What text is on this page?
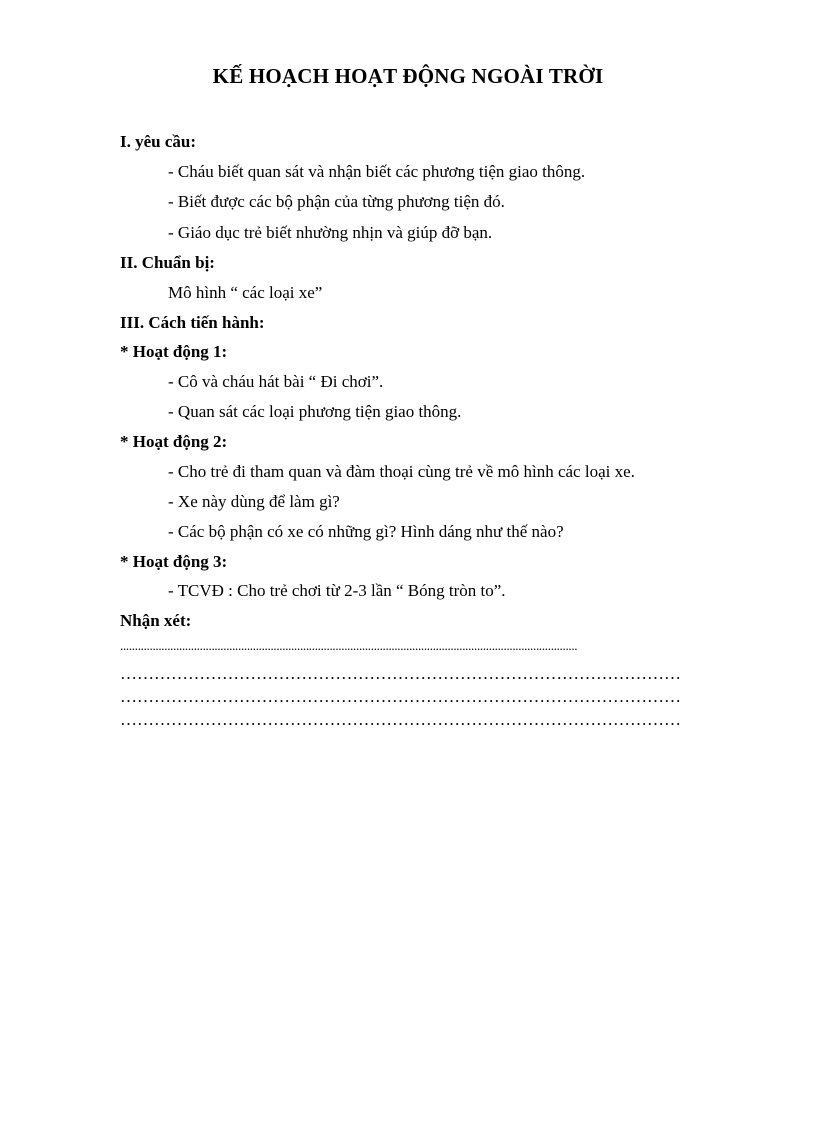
KẾ HOẠCH HOẠT ĐỘNG NGOÀI TRỜI
I. yêu cầu:
- Cháu biết quan sát và nhận biết các phương tiện giao thông.
- Biết được các bộ phận của từng phương tiện đó.
- Giáo dục trẻ biết nhường nhịn và giúp đỡ bạn.
II. Chuẩn bị:
Mô hình “ các loại xe”
III. Cách tiến hành:
* Hoạt động 1:
- Cô và cháu hát bài “ Đi chơi”.
- Quan sát các loại phương tiện giao thông.
* Hoạt động 2:
- Cho trẻ đi tham quan và đàm thoại cùng trẻ về mô hình các loại xe.
- Xe này dùng để làm gì?
- Các bộ phận có xe có những gì? Hình dáng như thế nào?
* Hoạt động 3:
- TCVĐ : Cho trẻ chơi từ 2-3 lần “ Bóng tròn to”.
Nhận xét:
...........................................................................................................................................................
………………………………………………………………………………………
………………………………………………………………………………………
………………………………………………………………………………………
